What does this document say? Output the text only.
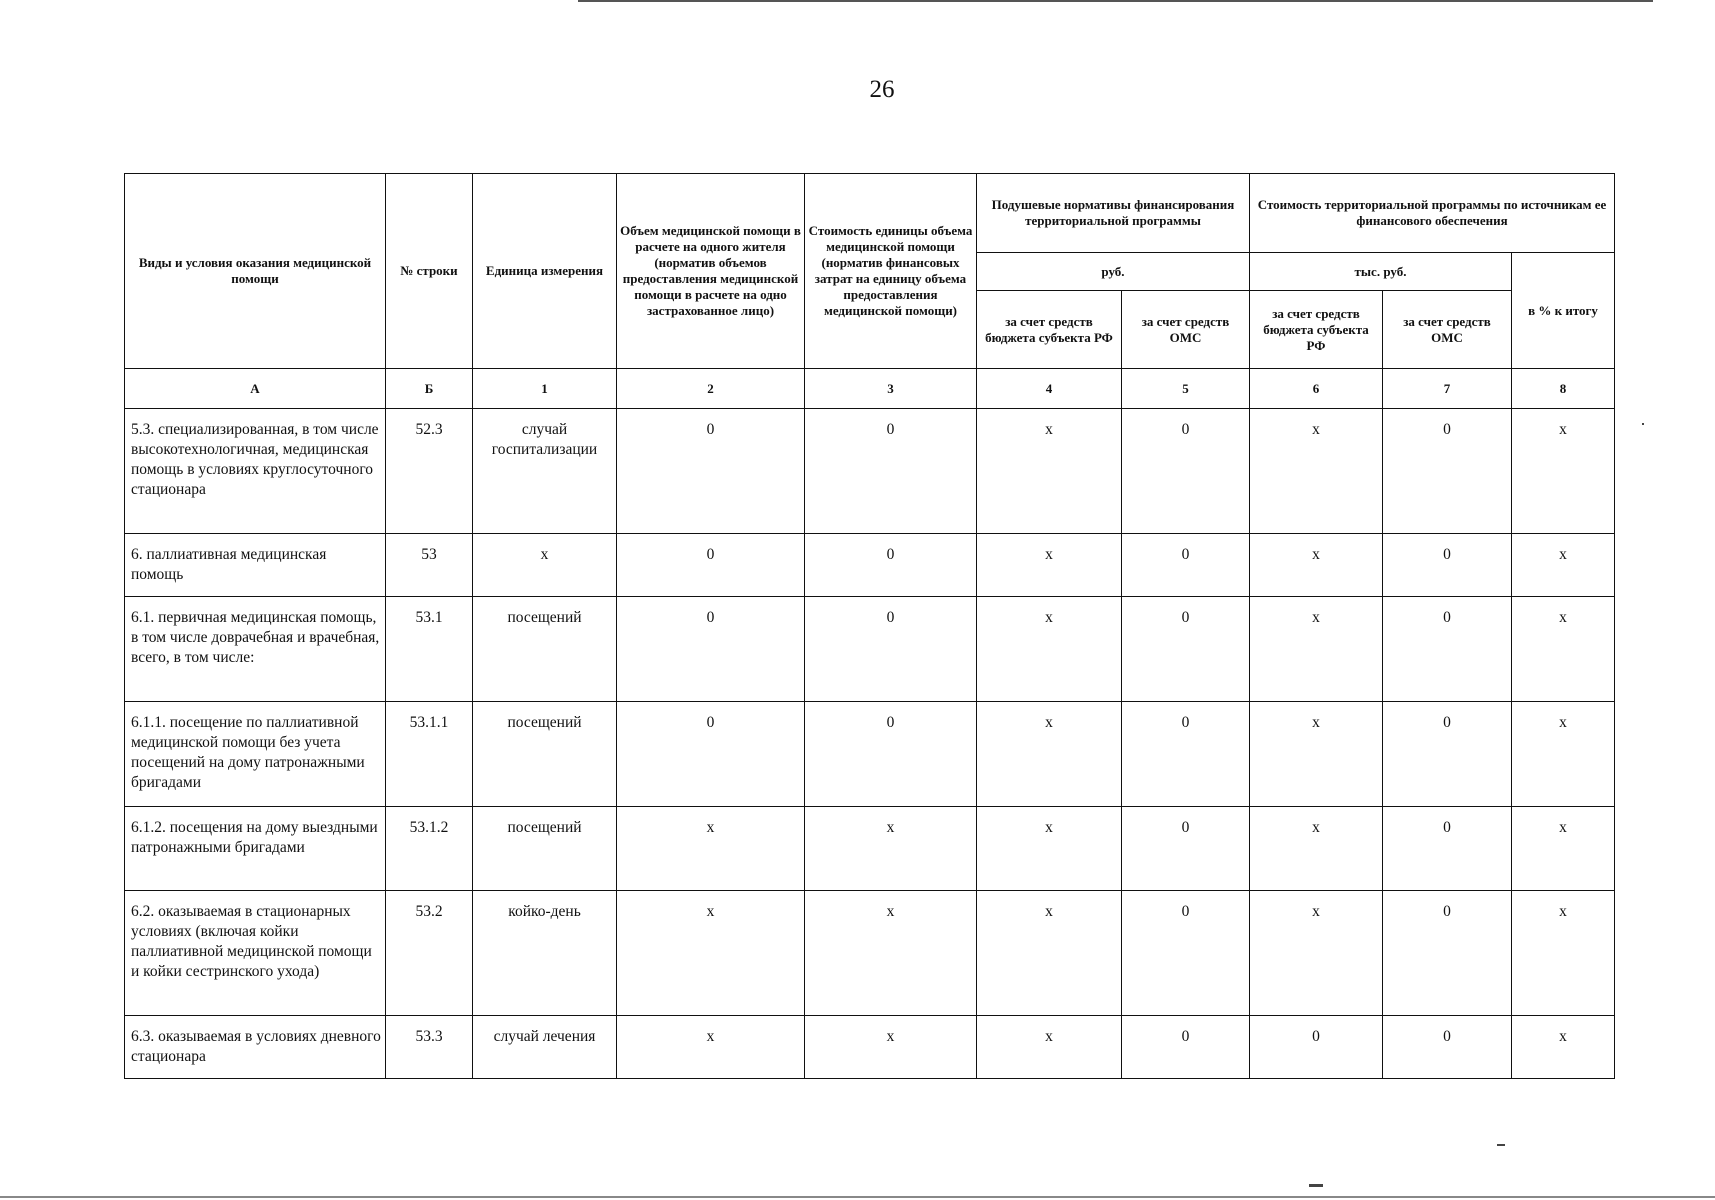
26
Виды и условия оказания медицинской помощи	№ строки	Единица измерения	Объем медицинской помощи в расчете на одного жителя (норматив объемов предоставления медицинской помощи в расчете на одно застрахованное лицо)	Стоимость единицы объема медицинской помощи (норматив финансовых затрат на единицу объема предоставления медицинской помощи)	Подушевые нормативы финансирования территориальной программы		Стоимость территориальной программы по источникам ее финансового обеспечения		
					руб.		тыс. руб.		в % к итогу
					за счет средств бюджета субъекта РФ	за счет средств ОМС	за счет средств бюджета субъекта РФ	за счет средств ОМС	
А	Б	1	2	3	4	5	6	7	8
5.3. специализированная, в том числе высокотехнологичная, медицинская помощь в условиях круглосуточного стационара	52.3	случай госпитализации	0	0	х	0	х	0	х
6. паллиативная медицинская помощь	53	х	0	0	х	0	х	0	х
6.1. первичная медицинская помощь, в том числе доврачебная и врачебная, всего, в том числе:	53.1	посещений	0	0	х	0	х	0	х
6.1.1. посещение по паллиативной медицинской помощи без учета посещений на дому патронажными бригадами	53.1.1	посещений	0	0	х	0	х	0	х
6.1.2. посещения на дому выездными патронажными бригадами	53.1.2	посещений	х	х	х	0	х	0	х
6.2. оказываемая в стационарных условиях (включая койки паллиативной медицинской помощи и койки сестринского ухода)	53.2	койко-день	х	х	х	0	х	0	х
6.3. оказываемая в условиях дневного стационара	53.3	случай лечения	х	х	х	0	0	0	х
